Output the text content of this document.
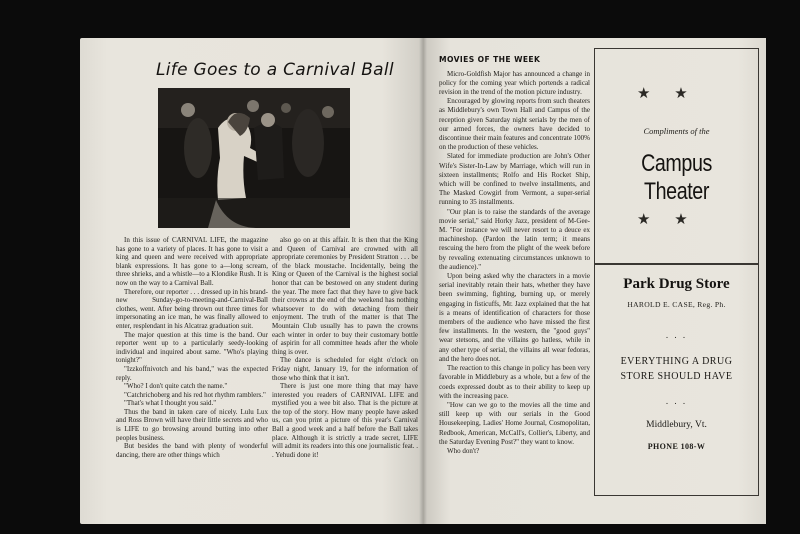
Life Goes to a Carnival Ball

In this issue of CARNIVAL LIFE, the magazine has gone to a variety of places. It has gone to visit a king and queen and were received with appropriate blank expressions. It has gone to a—long scream, three shrieks, and a whistle—to a Klondike Rush. It is now on the way to a Carnival Ball.

Therefore, our reporter . . . dressed up in his brand-new Sunday-go-to-meeting-and-Carnival-Ball clothes, went. After being thrown out three times for impersonating an ice man, he was finally allowed to enter, resplendant in his Alcatraz graduation suit.

The major question at this time is the band. Our reporter went up to a particularly seedy-looking individual and inquired about same. "Who's playing tonight?"

"Izzkoffnivotch and his band," was the expected reply.

"Who? I don't quite catch the name."

"Catchrichoberg and his red hot rhythm ramblers."

"That's what I thought you said."

Thus the band in taken care of nicely. Lulu Lux and Ross Brown will have their little secrets and who is LIFE to go browsing around butting into other peoples business.

But besides the band with plenty of wonderful dancing, there are other things which

also go on at this affair. It is then that the King and Queen of Carnival are crowned with all appropriate ceremonies by President Stratton . . . be of the black moustache. Incidentally, being the King or Queen of the Carnival is the highest social honor that can be bestowed on any student during the year. The mere fact that they have to give back their crowns at the end of the weekend has nothing whatsoever to do with detaching from their enjoyment. The truth of the matter is that The Mountain Club usually has to pawn the crowns each winter in order to buy their customary bottle of aspirin for all committee heads after the whole thing is over.

The dance is scheduled for eight o'clock on Friday night, January 19, for the information of those who think that it isn't.

There is just one more thing that may have interested you readers of CARNIVAL LIFE and mystified you a wee bit also. That is the picture at the top of the story. How many people have asked us, can you print a picture of this year's Carnival Ball a good week and a half before the Ball takes place. Although it is strictly a trade secret, LIFE will admit its readers into this one journalistic feat. . . Yehudi done it!

MOVIES OF THE WEEK

Micro-Goldfish Major has announced a change in policy for the coming year which portends a radical revision in the trend of the motion picture industry.

Encouraged by glowing reports from such theaters as Middlebury's own Town Hall and Campus of the reception given Saturday night serials by the men of our armed forces, the owners have decided to discontinue their main features and concentrate 100% on the production of these vehicles.

Slated for immediate production are John's Other Wife's Sister-In-Law by Marriage, which will run in sixteen installments; Rolfo and His Rocket Ship, which will be confined to twelve installments, and The Masked Cowgirl from Vermont, a super-serial running to 35 installments.

"Our plan is to raise the standards of the average movie serial," said Horky Jazz, president of M-Gee-M. "For instance we will never resort to a deuce ex machineshop. (Pardon the latin term; it means rescuing the hero from the plight of the week before by revealing extenuating circumstances unknown to the audience)."

Upon being asked why the characters in a movie serial inevitably retain their hats, whether they have been swimming, fighting, burning up, or merely engaging in fisticuffs, Mr. Jazz explained that the hat is a means of identification of characters for those members of the audience who have missed the first few installments. In the western, the "good guys" wear stetsons, and the villains go hatless, while in any other type of serial, the villains all wear fedoras, and the hero does not.

The reaction to this change in policy has been very favorable in Middlebury as a whole, but a few of the coeds expressed doubt as to their ability to keep up with the increasing pace.

"How can we go to the movies all the time and still keep up with our serials in the Good Housekeeping, Ladies' Home Journal, Cosmopolitan, Redbook, American, McCall's, Collier's, Liberty, and the Saturday Evening Post?" they want to know.

Who don't?

★ ★
Compliments of the
Campus Theater
★ ★
Park Drug Store
HAROLD E. CASE, Reg. Ph.
. . .
EVERYTHING A DRUG
STORE SHOULD HAVE
. . .
Middlebury, Vt.
PHONE 108-W
